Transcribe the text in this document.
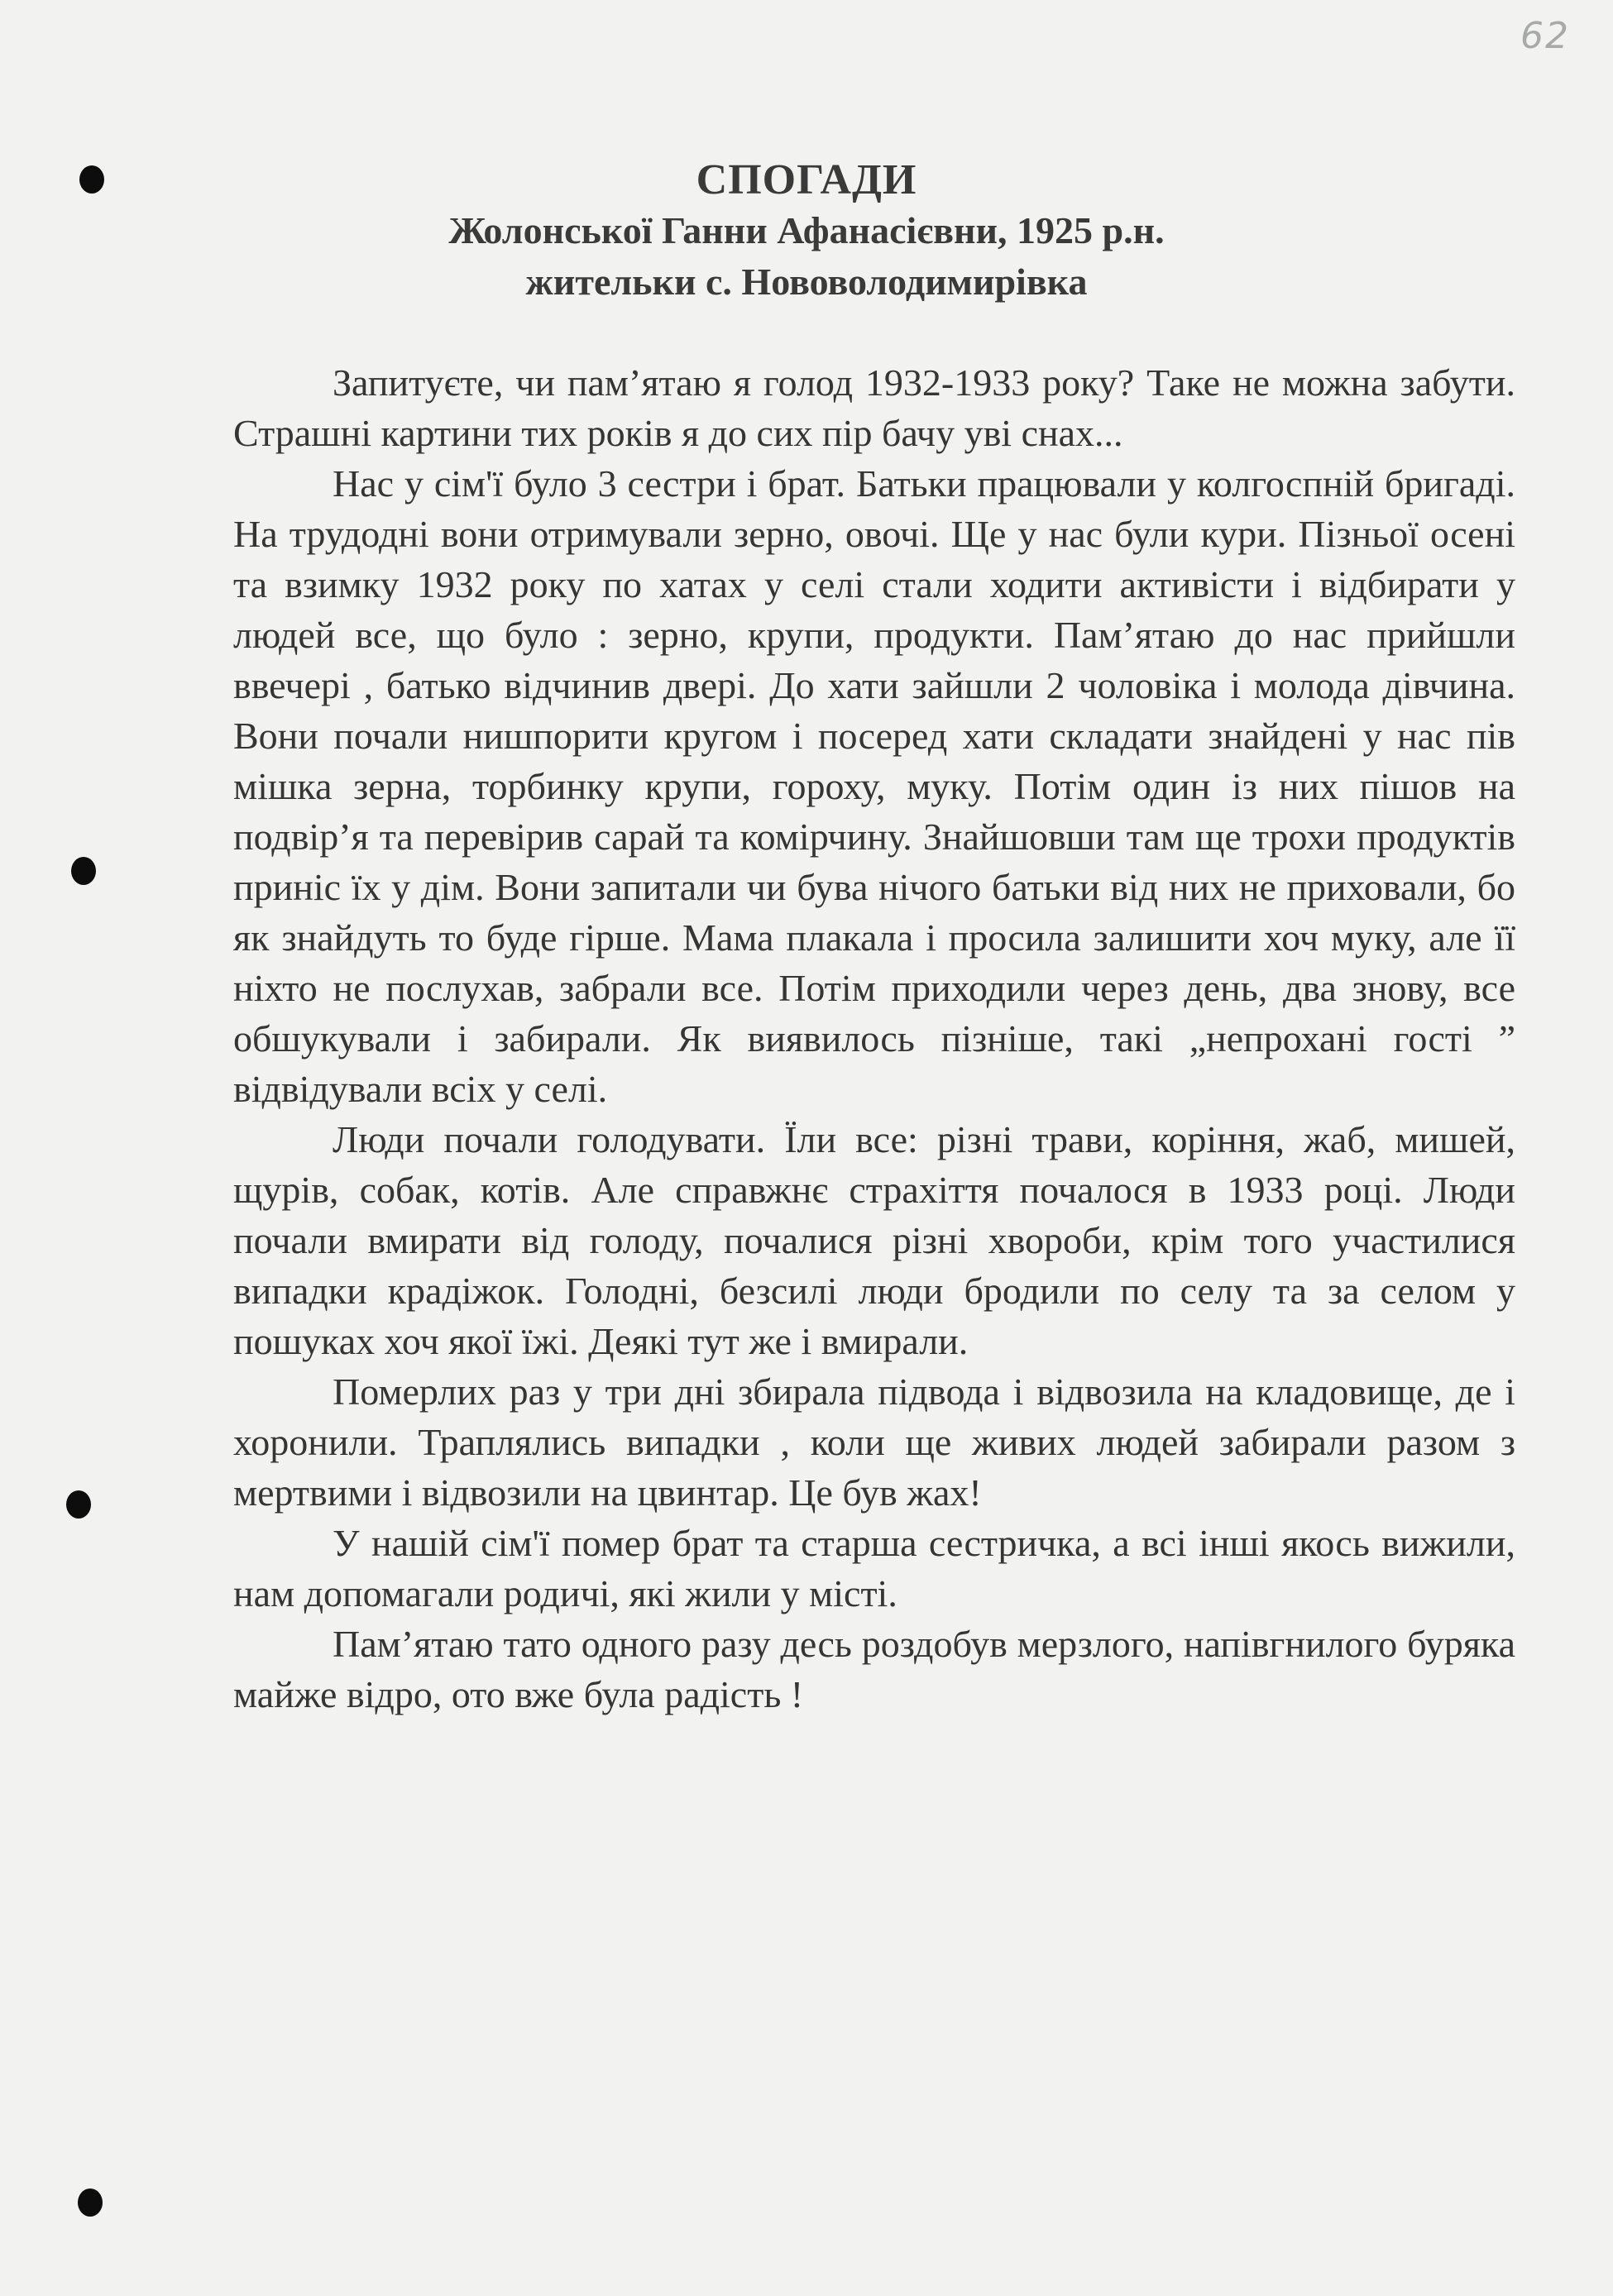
62
СПОГАДИ
Жолонської Ганни Афанасієвни, 1925 р.н.
жительки с. Нововолодимирівка

Запитуєте, чи пам’ятаю я голод 1932-1933 року? Таке не можна забути. Страшні картини тих років я до сих пір бачу уві снах...

Нас у сім'ї було 3 сестри і брат. Батьки працювали у колгоспній бригаді. На трудодні вони отримували зерно, овочі. Ще у нас були кури. Пізньої осені та взимку 1932 року по хатах у селі стали ходити активісти і відбирати у людей все, що було : зерно, крупи, продукти. Пам’ятаю до нас прийшли ввечері , батько відчинив двері. До хати зайшли 2 чоловіка і молода дівчина. Вони почали нишпорити кругом і посеред хати складати знайдені у нас пів мішка зерна, торбинку крупи, гороху, муку. Потім один із них пішов на подвір’я та перевірив сарай та комірчину. Знайшовши там ще трохи продуктів приніс їх у дім. Вони запитали чи бува нічого батьки від них не приховали, бо як знайдуть то буде гірше. Мама плакала і просила залишити хоч муку, але її ніхто не послухав, забрали все. Потім приходили через день, два знову, все обшукували і забирали. Як виявилось пізніше, такі „непрохані гості ” відвідували всіх у селі.

Люди почали голодувати. Їли все: різні трави, коріння, жаб, мишей, щурів, собак, котів. Але справжнє страхіття почалося в 1933 році. Люди почали вмирати від голоду, почалися різні хвороби, крім того участилися випадки крадіжок. Голодні, безсилі люди бродили по селу та за селом у пошуках хоч якої їжі. Деякі тут же і вмирали.

Померлих раз у три дні збирала підвода і відвозила на кладовище, де і хоронили. Траплялись випадки , коли ще живих людей забирали разом з мертвими і відвозили на цвинтар. Це був жах!

У нашій сім'ї помер брат та старша сестричка, а всі інші якось вижили, нам допомагали родичі, які жили у місті.

Пам’ятаю тато одного разу десь роздобув мерзлого, напівгнилого буряка майже відро, ото вже була радість !
